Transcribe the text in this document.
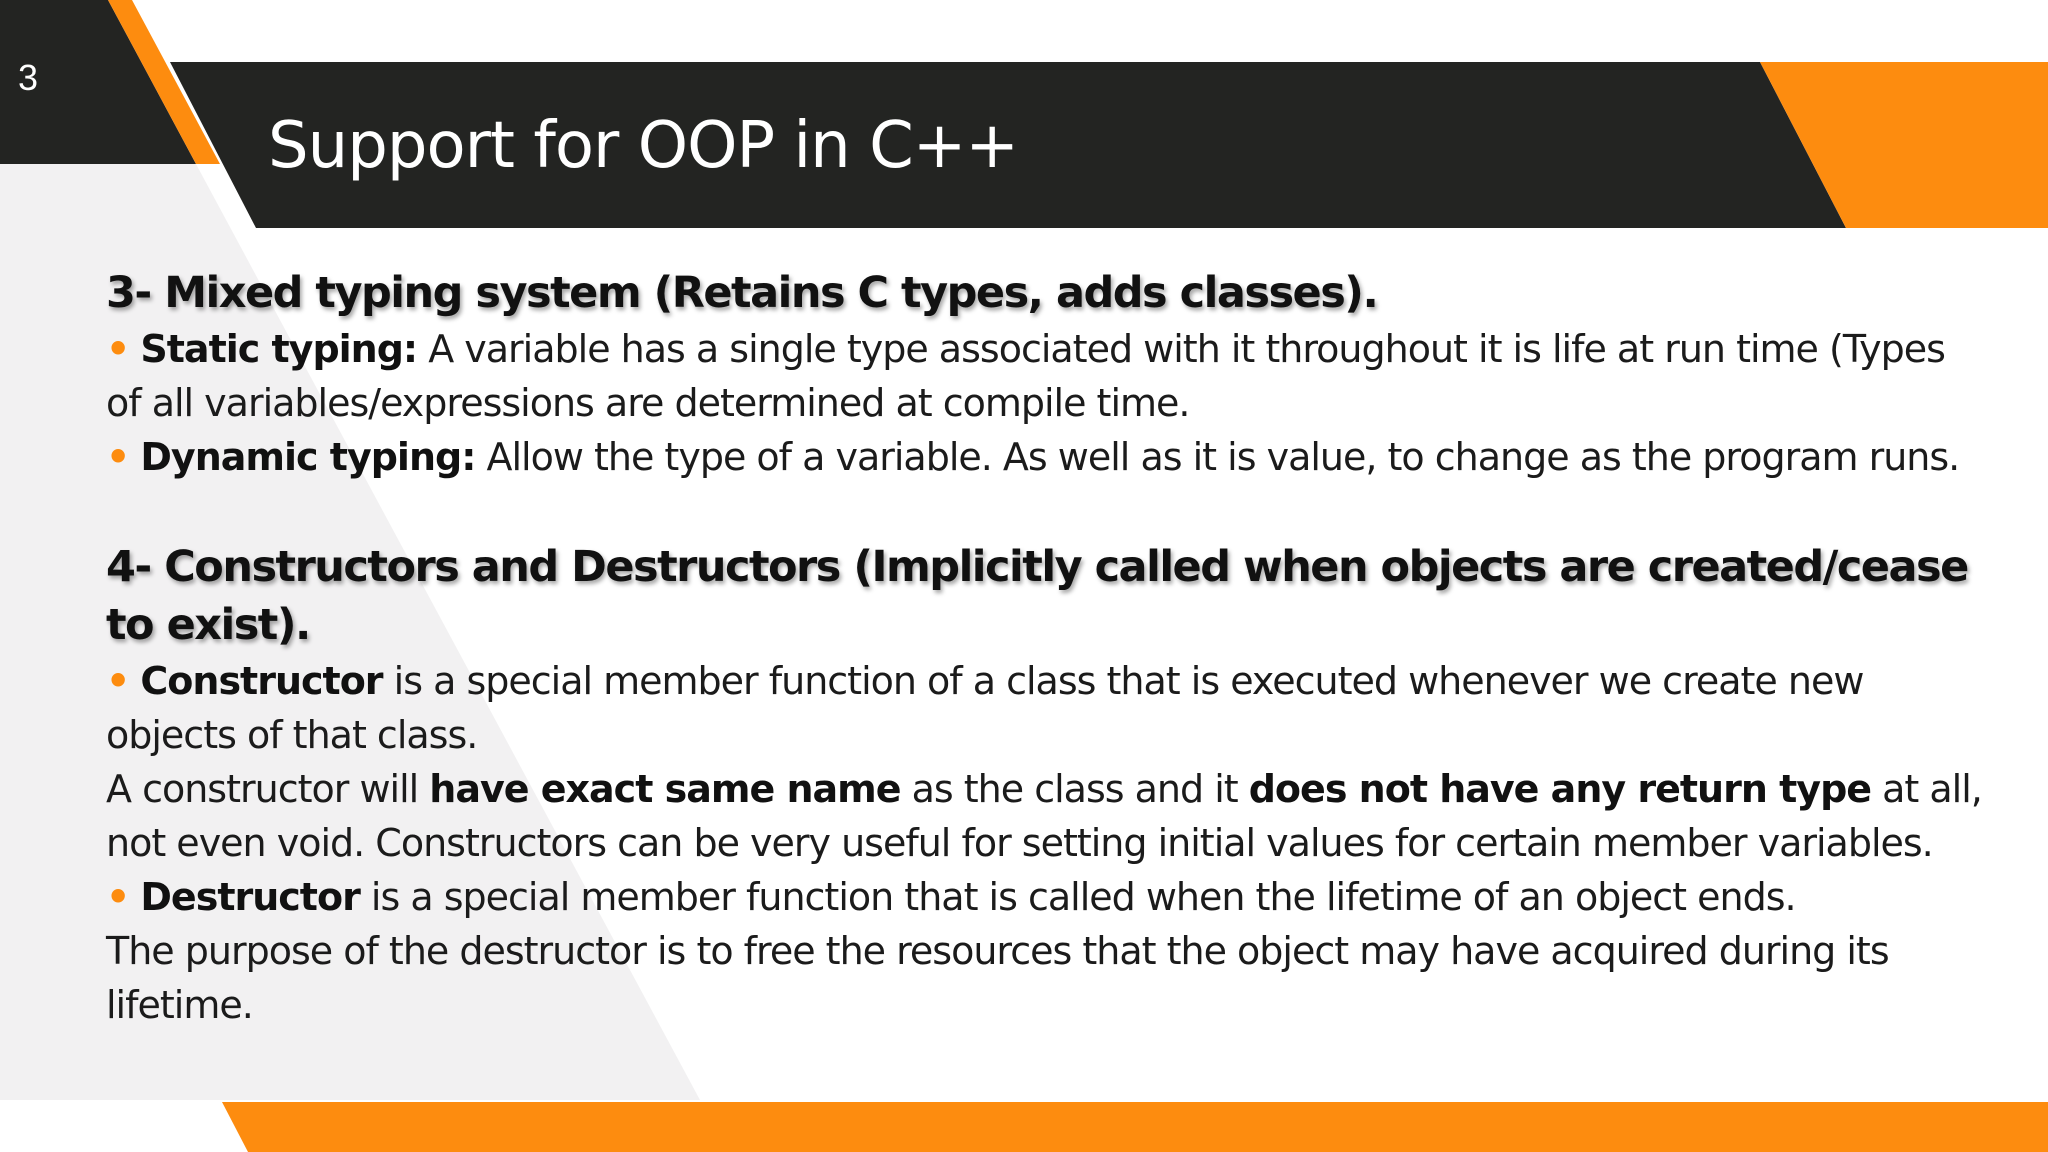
3
Support for OOP in C++

3- Mixed typing system (Retains C types, adds classes).

• Static typing: A variable has a single type associated with it throughout it is life at run time (Types of all variables/expressions are determined at compile time.

• Dynamic typing: Allow the type of a variable. As well as it is value, to change as the program runs.

4- Constructors and Destructors (Implicitly called when objects are created/cease to exist).

• Constructor is a special member function of a class that is executed whenever we create new objects of that class.

A constructor will have exact same name as the class and it does not have any return type at all, not even void. Constructors can be very useful for setting initial values for certain member variables.

• Destructor is a special member function that is called when the lifetime of an object ends.

The purpose of the destructor is to free the resources that the object may have acquired during its lifetime.
